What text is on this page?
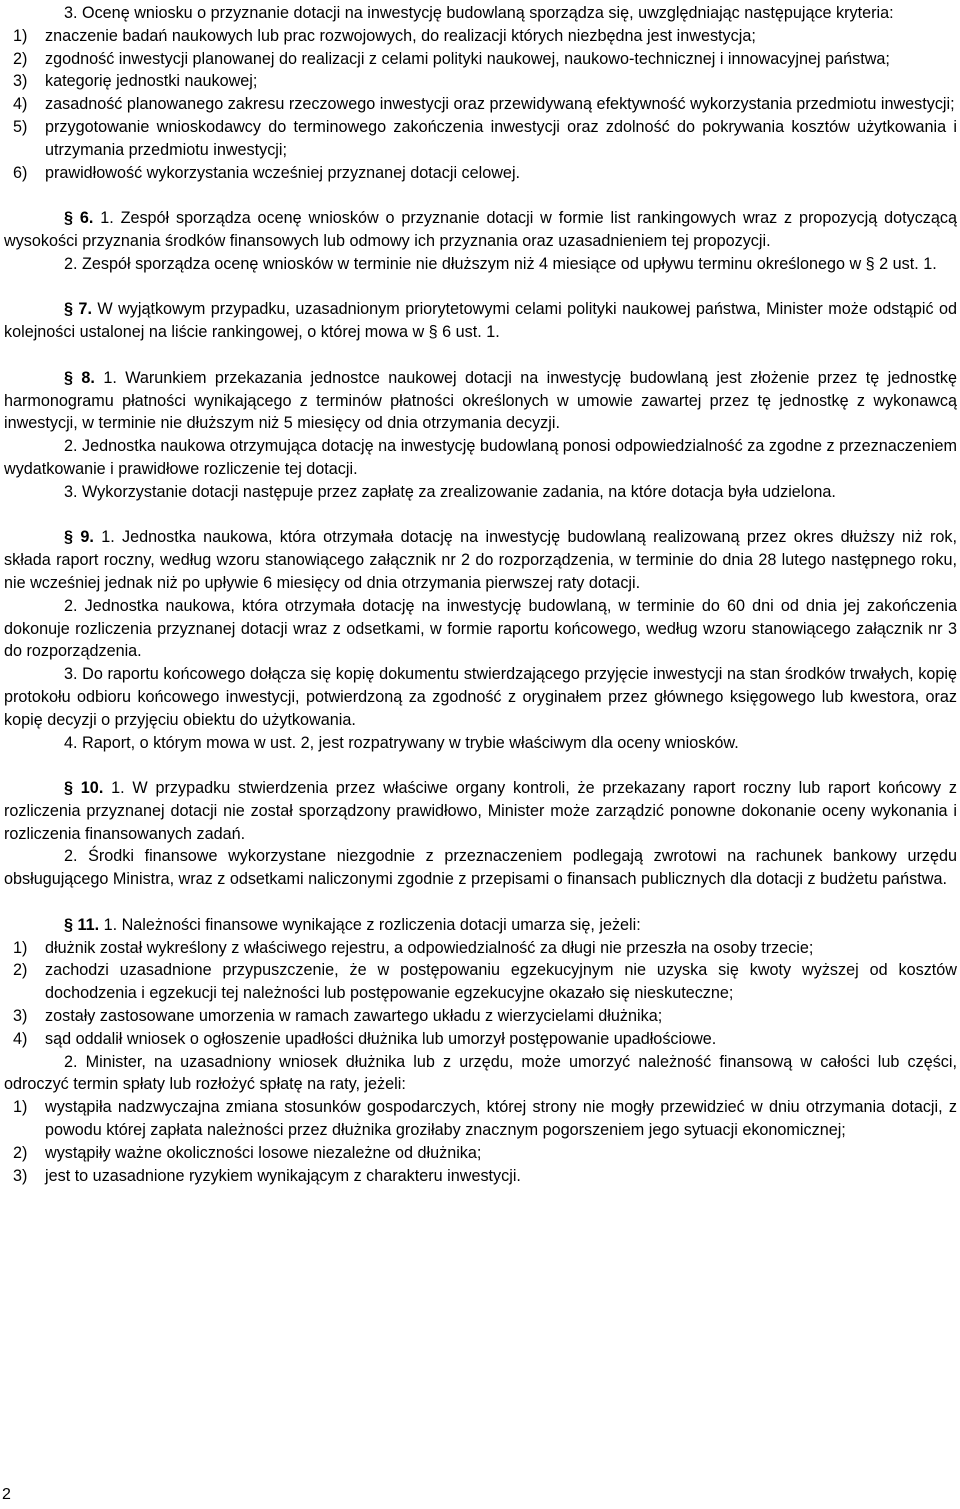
3. Ocenę wniosku o przyznanie dotacji na inwestycję budowlaną sporządza się, uwzględniając następujące kryteria:

1) znaczenie badań naukowych lub prac rozwojowych, do realizacji których niezbędna jest inwestycja;
2) zgodność inwestycji planowanej do realizacji z celami polityki naukowej, naukowo-technicznej i innowacyjnej państwa;
3) kategorię jednostki naukowej;
4) zasadność planowanego zakresu rzeczowego inwestycji oraz przewidywaną efektywność wykorzystania przedmiotu inwestycji;
5) przygotowanie wnioskodawcy do terminowego zakończenia inwestycji oraz zdolność do pokrywania kosztów użytkowania i utrzymania przedmiotu inwestycji;
6) prawidłowość wykorzystania wcześniej przyznanej dotacji celowej.

§ 6. 1. Zespół sporządza ocenę wniosków o przyznanie dotacji w formie list rankingowych wraz z propozycją dotyczącą wysokości przyznania środków finansowych lub odmowy ich przyznania oraz uzasadnieniem tej propozycji.

2. Zespół sporządza ocenę wniosków w terminie nie dłuższym niż 4 miesiące od upływu terminu określonego w § 2 ust. 1.

§ 7. W wyjątkowym przypadku, uzasadnionym priorytetowymi celami polityki naukowej państwa, Minister może odstąpić od kolejności ustalonej na liście rankingowej, o której mowa w § 6 ust. 1.

§ 8. 1. Warunkiem przekazania jednostce naukowej dotacji na inwestycję budowlaną jest złożenie przez tę jednostkę harmonogramu płatności wynikającego z terminów płatności określonych w umowie zawartej przez tę jednostkę z wykonawcą inwestycji, w terminie nie dłuższym niż 5 miesięcy od dnia otrzymania decyzji.

2. Jednostka naukowa otrzymująca dotację na inwestycję budowlaną ponosi odpowiedzialność za zgodne z przeznaczeniem wydatkowanie i prawidłowe rozliczenie tej dotacji.

3. Wykorzystanie dotacji następuje przez zapłatę za zrealizowanie zadania, na które dotacja była udzielona.

§ 9. 1. Jednostka naukowa, która otrzymała dotację na inwestycję budowlaną realizowaną przez okres dłuższy niż rok, składa raport roczny, według wzoru stanowiącego załącznik nr 2 do rozporządzenia, w terminie do dnia 28 lutego następnego roku, nie wcześniej jednak niż po upływie 6 miesięcy od dnia otrzymania pierwszej raty dotacji.

2. Jednostka naukowa, która otrzymała dotację na inwestycję budowlaną, w terminie do 60 dni od dnia jej zakończenia dokonuje rozliczenia przyznanej dotacji wraz z odsetkami, w formie raportu końcowego, według wzoru stanowiącego załącznik nr 3 do rozporządzenia.

3. Do raportu końcowego dołącza się kopię dokumentu stwierdzającego przyjęcie inwestycji na stan środków trwałych, kopię protokołu odbioru końcowego inwestycji, potwierdzoną za zgodność z oryginałem przez głównego księgowego lub kwestora, oraz kopię decyzji o przyjęciu obiektu do użytkowania.

4. Raport, o którym mowa w ust. 2, jest rozpatrywany w trybie właściwym dla oceny wniosków.

§ 10. 1. W przypadku stwierdzenia przez właściwe organy kontroli, że przekazany raport roczny lub raport końcowy z rozliczenia przyznanej dotacji nie został sporządzony prawidłowo, Minister może zarządzić ponowne dokonanie oceny wykonania i rozliczenia finansowanych zadań.

2. Środki finansowe wykorzystane niezgodnie z przeznaczeniem podlegają zwrotowi na rachunek bankowy urzędu obsługującego Ministra, wraz z odsetkami naliczonymi zgodnie z przepisami o finansach publicznych dla dotacji z budżetu państwa.

§ 11. 1. Należności finansowe wynikające z rozliczenia dotacji umarza się, jeżeli:

1) dłużnik został wykreślony z właściwego rejestru, a odpowiedzialność za długi nie przeszła na osoby trzecie;
2) zachodzi uzasadnione przypuszczenie, że w postępowaniu egzekucyjnym nie uzyska się kwoty wyższej od kosztów dochodzenia i egzekucji tej należności lub postępowanie egzekucyjne okazało się nieskuteczne;
3) zostały zastosowane umorzenia w ramach zawartego układu z wierzycielami dłużnika;
4) sąd oddalił wniosek o ogłoszenie upadłości dłużnika lub umorzył postępowanie upadłościowe.

2. Minister, na uzasadniony wniosek dłużnika lub z urzędu, może umorzyć należność finansową w całości lub części, odroczyć termin spłaty lub rozłożyć spłatę na raty, jeżeli:

1) wystąpiła nadzwyczajna zmiana stosunków gospodarczych, której strony nie mogły przewidzieć w dniu otrzymania dotacji, z powodu której zapłata należności przez dłużnika groziłaby znacznym pogorszeniem jego sytuacji ekonomicznej;
2) wystąpiły ważne okoliczności losowe niezależne od dłużnika;
3) jest to uzasadnione ryzykiem wynikającym z charakteru inwestycji.
2
